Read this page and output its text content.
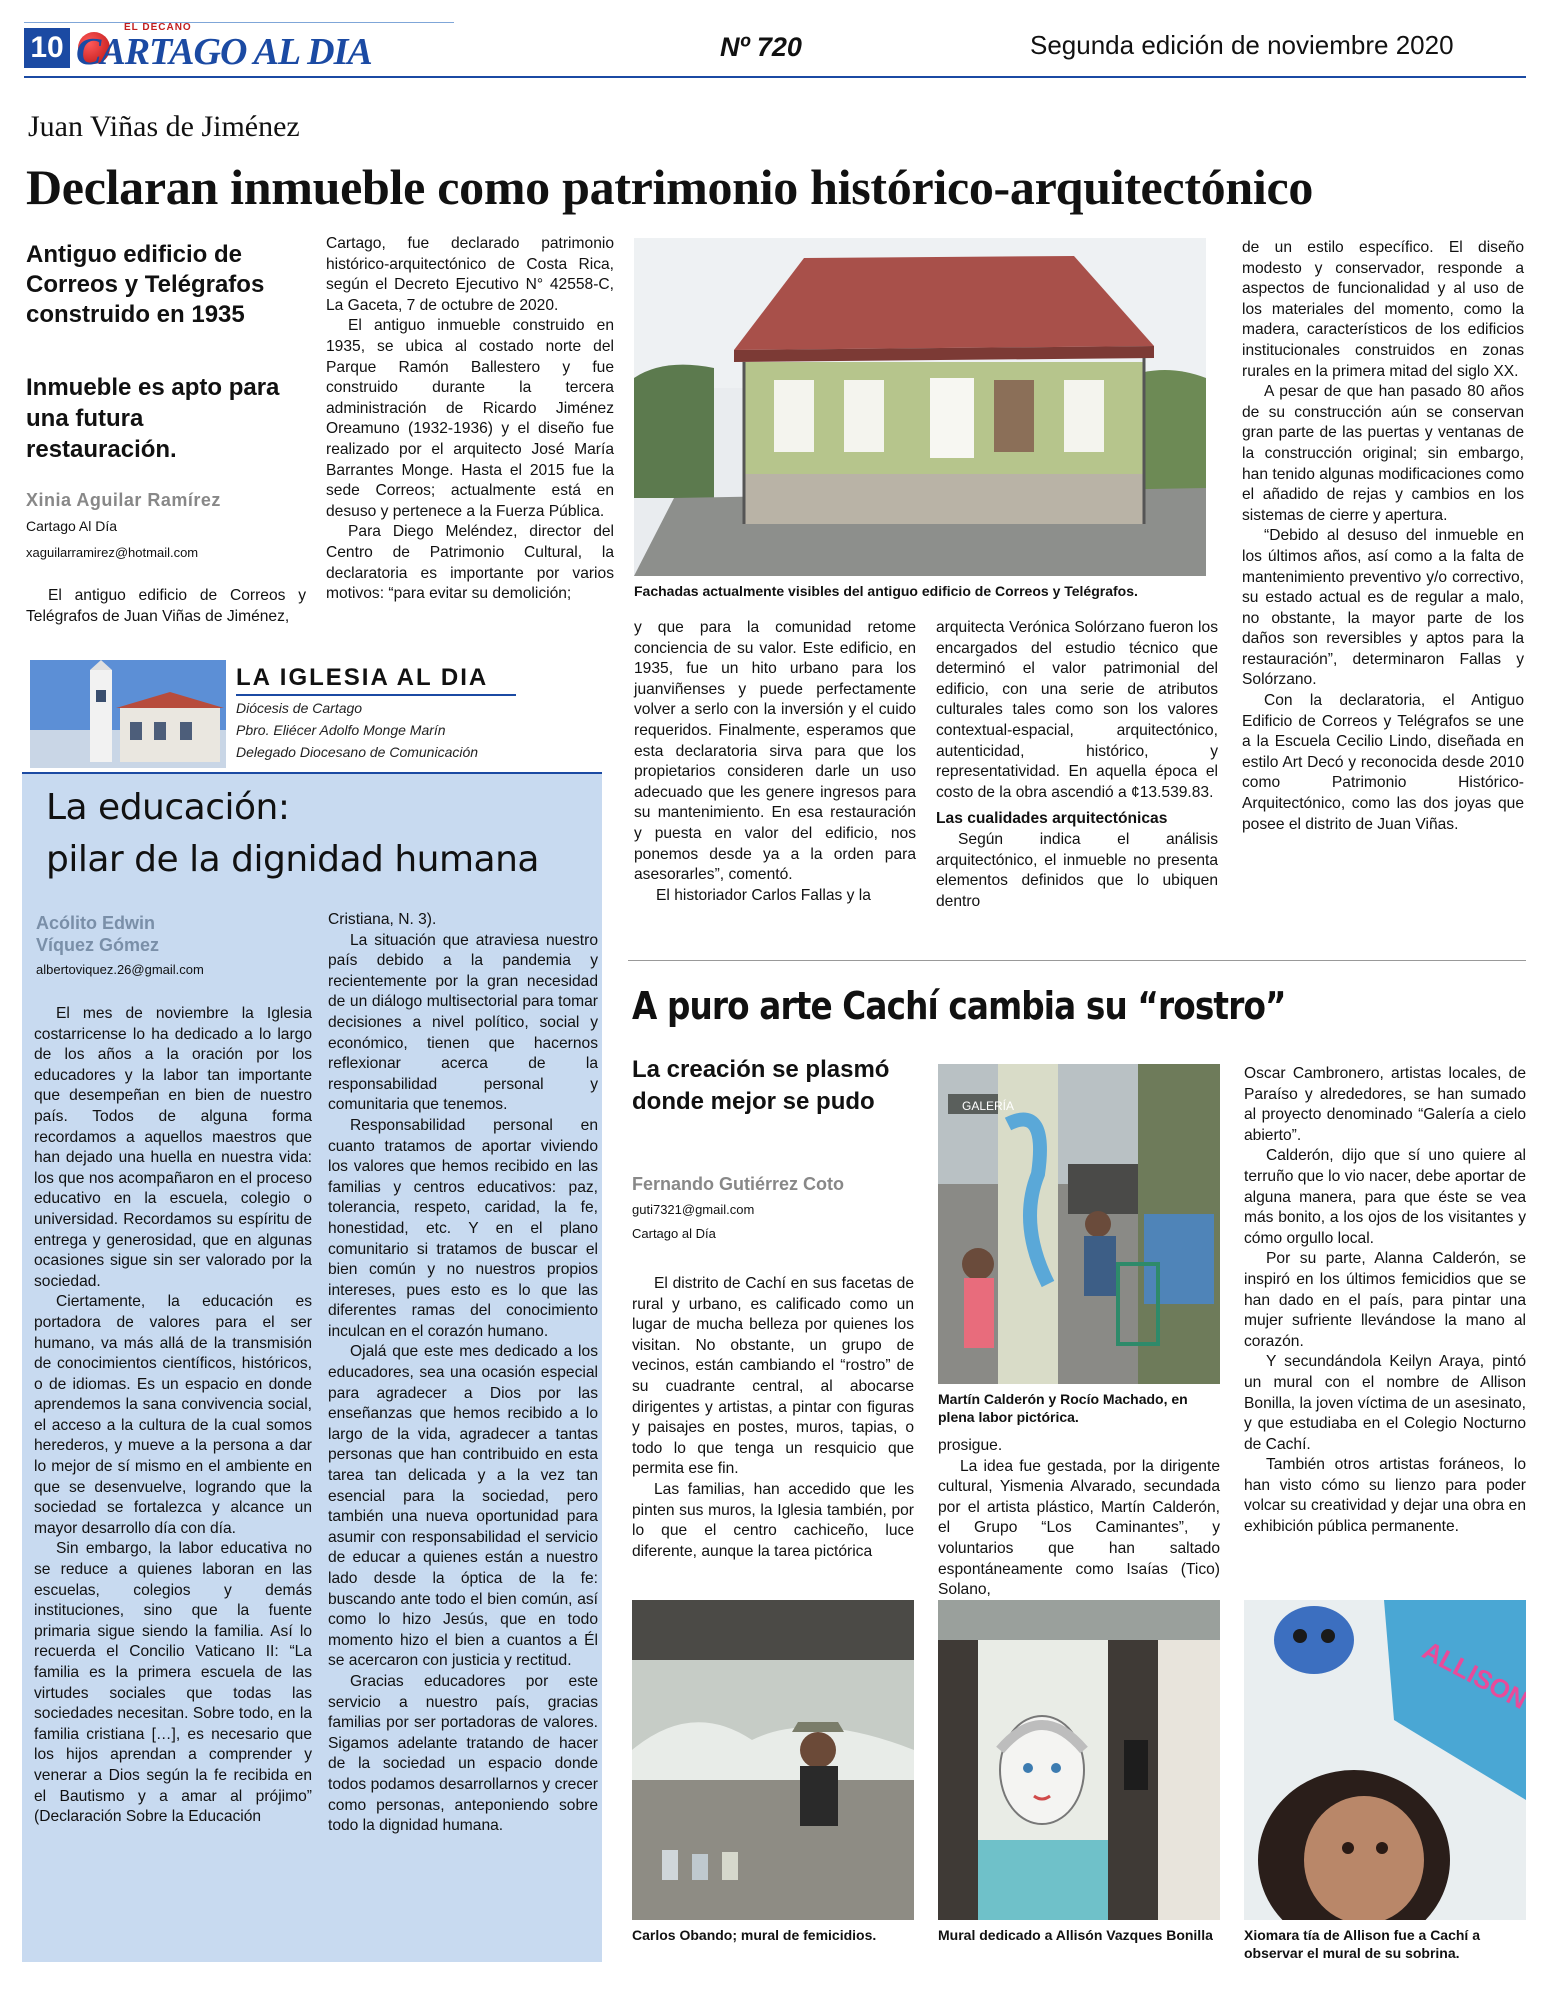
10
EL DECANO
CARTAGO AL DIA	Nº 720	Segunda edición de noviembre 2020
Juan Viñas de Jiménez
Declaran inmueble como patrimonio histórico-arquitectónico
Antiguo edificio de Correos y Telégrafos construido en 1935
Inmueble es apto para una futura restauración.
Xinia Aguilar Ramírez
Cartago Al Día
xaguilarramirez@hotmail.com

El antiguo edificio de Correos y Telégrafos de Juan Viñas de Jiménez,

Cartago, fue declarado patrimonio histórico-arquitectónico de Costa Rica, según el Decreto Ejecutivo N° 42558-C, La Gaceta, 7 de octubre de 2020.

El antiguo inmueble construido en 1935, se ubica al costado norte del Parque Ramón Ballestero y fue construido durante la tercera administración de Ricardo Jiménez Oreamuno (1932-1936) y el diseño fue realizado por el arquitecto José María Barrantes Monge. Hasta el 2015 fue la sede Correos; actualmente está en desuso y pertenece a la Fuerza Pública.

Para Diego Meléndez, director del Centro de Patrimonio Cultural, la declaratoria es importante por varios motivos: “para evitar su demolición;	Fachadas actualmente visibles del antiguo edificio de Correos y Telégrafos.

y que para la comunidad retome conciencia de su valor. Este edificio, en 1935, fue un hito urbano para los juanviñenses y puede perfectamente volver a serlo con la inversión y el cuido requeridos. Finalmente, esperamos que esta declaratoria sirva para que los propietarios consideren darle un uso adecuado que les genere ingresos para su mantenimiento. En esa restauración y puesta en valor del edificio, nos ponemos desde ya a la orden para asesorarles”, comentó.

El historiador Carlos Fallas y la

arquitecta Verónica Solórzano fueron los encargados del estudio técnico que determinó el valor patrimonial del edificio, con una serie de atributos culturales tales como son los valores contextual-espacial, arquitectónico, autenticidad, histórico, y representatividad. En aquella época el costo de la obra ascendió a ¢13.539.83.

Las cualidades arquitectónicas

Según indica el análisis arquitectónico, el inmueble no presenta elementos definidos que lo ubiquen dentro

de un estilo específico. El diseño modesto y conservador, responde a aspectos de funcionalidad y al uso de los materiales del momento, como la madera, característicos de los edificios institucionales construidos en zonas rurales en la primera mitad del siglo XX.

A pesar de que han pasado 80 años de su construcción aún se conservan gran parte de las puertas y ventanas de la construcción original; sin embargo, han tenido algunas modificaciones como el añadido de rejas y cambios en los sistemas de cierre y apertura.

“Debido al desuso del inmueble en los últimos años, así como a la falta de mantenimiento preventivo y/o correctivo, su estado actual es de regular a malo, no obstante, la mayor parte de los daños son reversibles y aptos para la restauración”, determinaron Fallas y Solórzano.

Con la declaratoria, el Antiguo Edificio de Correos y Telégrafos se une a la Escuela Cecilio Lindo, diseñada en estilo Art Decó y reconocida desde 2010 como Patrimonio Histórico-Arquitectónico, como las dos joyas que posee el distrito de Juan Viñas.

LA IGLESIA AL DIA
Diócesis de Cartago
Pbro. Eliécer Adolfo Monge Marín
Delegado Diocesano de Comunicación
La educación:
pilar de la dignidad humana
Acólito Edwin
Víquez Gómez
albertoviquez.26@gmail.com

El mes de noviembre la Iglesia costarricense lo ha dedicado a lo largo de los años a la oración por los educadores y la labor tan importante que desempeñan en bien de nuestro país. Todos de alguna forma recordamos a aquellos maestros que han dejado una huella en nuestra vida: los que nos acompañaron en el proceso educativo en la escuela, colegio o universidad. Recordamos su espíritu de entrega y generosidad, que en algunas ocasiones sigue sin ser valorado por la sociedad.

Ciertamente, la educación es portadora de valores para el ser humano, va más allá de la transmisión de conocimientos científicos, históricos, o de idiomas. Es un espacio en donde aprendemos la sana convivencia social, el acceso a la cultura de la cual somos herederos, y mueve a la persona a dar lo mejor de sí mismo en el ambiente en que se desenvuelve, logrando que la sociedad se fortalezca y alcance un mayor desarrollo día con día.

Sin embargo, la labor educativa no se reduce a quienes laboran en las escuelas, colegios y demás instituciones, sino que la fuente primaria sigue siendo la familia. Así lo recuerda el Concilio Vaticano II: “La familia es la primera escuela de las virtudes sociales que todas las sociedades necesitan. Sobre todo, en la familia cristiana […], es necesario que los hijos aprendan a comprender y venerar a Dios según la fe recibida en el Bautismo y a amar al prójimo” (Declaración Sobre la Educación

Cristiana, N. 3).

La situación que atraviesa nuestro país debido a la pandemia y recientemente por la gran necesidad de un diálogo multisectorial para tomar decisiones a nivel político, social y económico, tienen que hacernos reflexionar acerca de la responsabilidad personal y comunitaria que tenemos.

Responsabilidad personal en cuanto tratamos de aportar viviendo los valores que hemos recibido en las familias y centros educativos: paz, tolerancia, respeto, caridad, la fe, honestidad, etc. Y en el plano comunitario si tratamos de buscar el bien común y no nuestros propios intereses, pues esto es lo que las diferentes ramas del conocimiento inculcan en el corazón humano.

Ojalá que este mes dedicado a los educadores, sea una ocasión especial para agradecer a Dios por las enseñanzas que hemos recibido a lo largo de la vida, agradecer a tantas personas que han contribuido en esta tarea tan delicada y a la vez tan esencial para la sociedad, pero también una nueva oportunidad para asumir con responsabilidad el servicio de educar a quienes están a nuestro lado desde la óptica de la fe: buscando ante todo el bien común, así como lo hizo Jesús, que en todo momento hizo el bien a cuantos a Él se acercaron con justicia y rectitud.

Gracias educadores por este servicio a nuestro país, gracias familias por ser portadoras de valores. Sigamos adelante tratando de hacer de la sociedad un espacio donde todos podamos desarrollarnos y crecer como personas, anteponiendo sobre todo la dignidad humana.

A puro arte Cachí cambia su “rostro”
La creación se plasmó donde mejor se pudo
Fernando Gutiérrez Coto
guti7321@gmail.com
Cartago al Día

El distrito de Cachí en sus facetas de rural y urbano, es calificado como un lugar de mucha belleza por quienes los visitan. No obstante, un grupo de vecinos, están cambiando el “rostro” de su cuadrante central, al abocarse dirigentes y artistas, a pintar con figuras y paisajes en postes, muros, tapias, o todo lo que tenga un resquicio que permita ese fin.

Las familias, han accedido que les pinten sus muros, la Iglesia también, por lo que el centro cachiceño, luce diferente, aunque la tarea pictórica

GALERÍA
Martín Calderón y Rocío Machado, en plena labor pictórica.

prosigue.

La idea fue gestada, por la dirigente cultural, Yismenia Alvarado, secundada por el artista plástico, Martín Calderón, el Grupo “Los Caminantes”, y voluntarios que han saltado espontáneamente como Isaías (Tico) Solano,

Oscar Cambronero, artistas locales, de Paraíso y alrededores, se han sumado al proyecto denominado “Galería a cielo abierto”.

Calderón, dijo que sí uno quiere al terruño que lo vio nacer, debe aportar de alguna manera, para que éste se vea más bonito, a los ojos de los visitantes y cómo orgullo local.

Por su parte, Alanna Calderón, se inspiró en los últimos femicidios que se han dado en el país, para pintar una mujer sufriente llevándose la mano al corazón.

Y secundándola Keilyn Araya, pintó un mural con el nombre de Allison Bonilla, la joven víctima de un asesinato, y que estudiaba en el Colegio Nocturno de Cachí.

También otros artistas foráneos, lo han visto cómo su lienzo para poder volcar su creatividad y dejar una obra en exhibición pública permanente.

Carlos Obando; mural de femicidios.	Mural dedicado a Allisón Vazques Bonilla	Xiomara tía de Allison fue a Cachí a observar el mural de su sobrina.
